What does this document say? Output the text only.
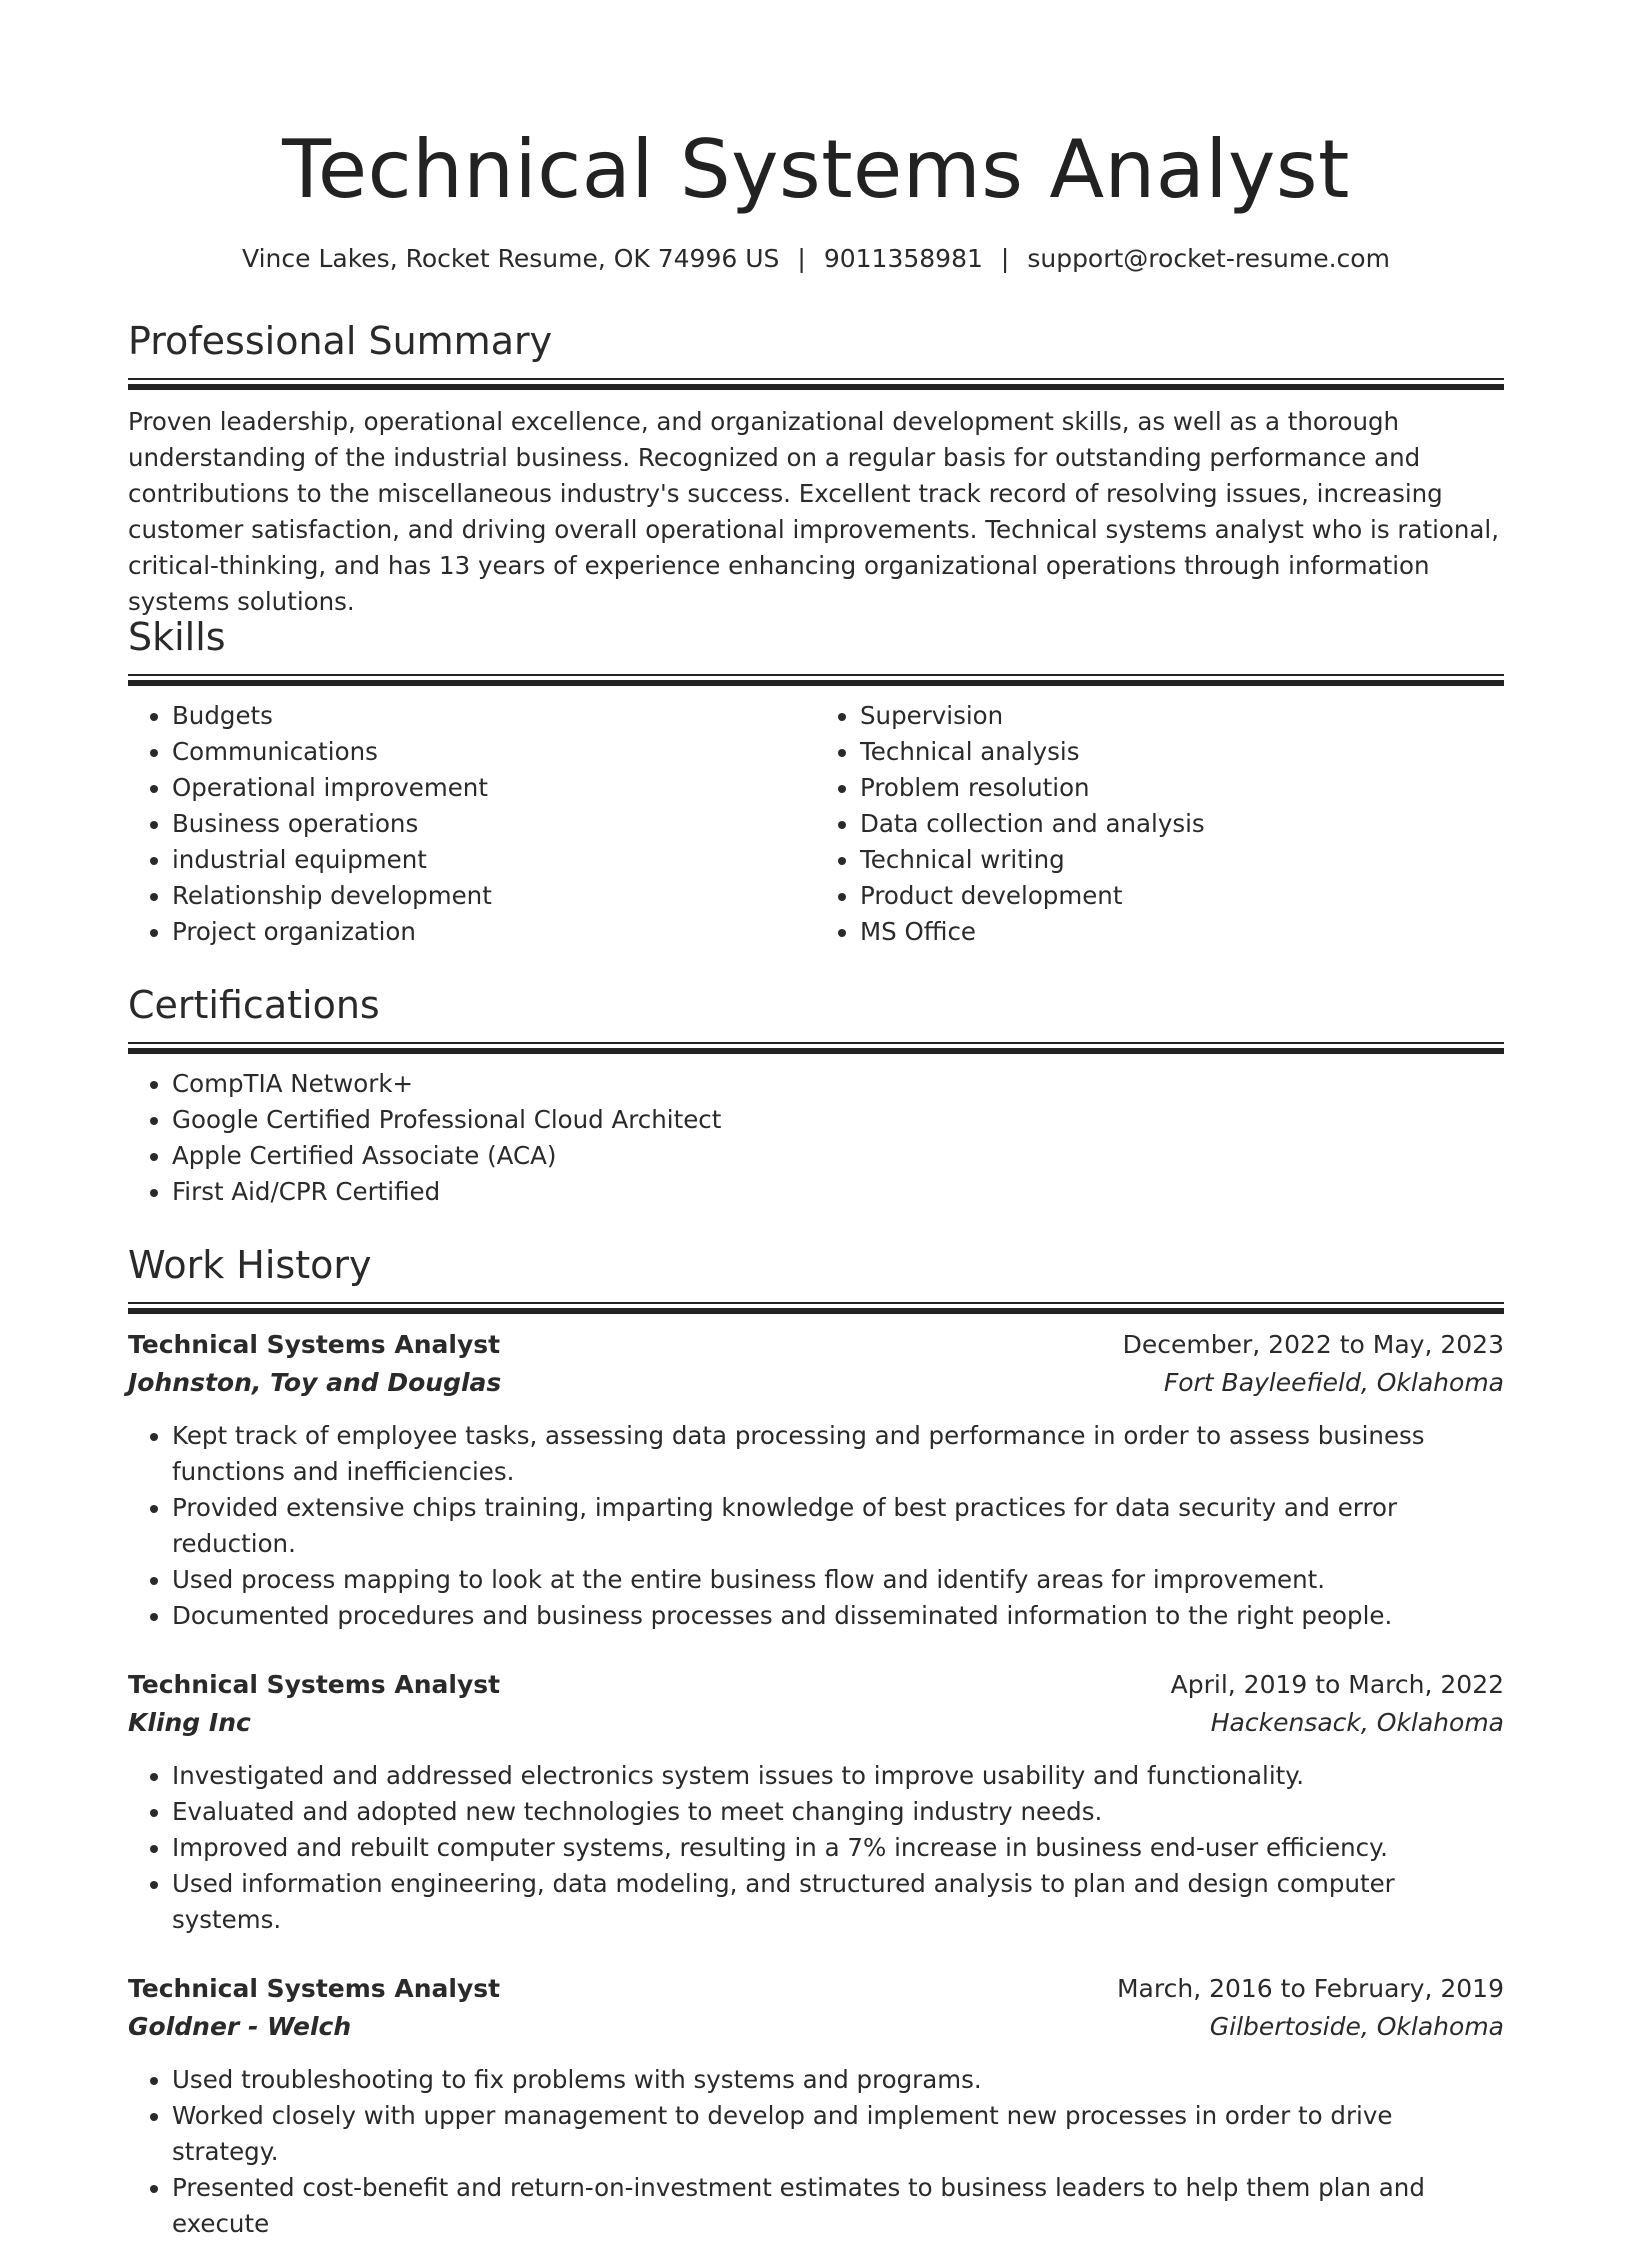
Technical Systems Analyst
Vince Lakes, Rocket Resume, OK 74996 US | 9011358981 | support@rocket-resume.com
Professional Summary

Proven leadership, operational excellence, and organizational development skills, as well as a thorough understanding of the industrial business. Recognized on a regular basis for outstanding performance and contributions to the miscellaneous industry's success. Excellent track record of resolving issues, increasing customer satisfaction, and driving overall operational improvements. Technical systems analyst who is rational, critical-thinking, and has 13 years of experience enhancing organizational operations through information systems solutions.

Skills
• Budgets
• Communications
• Operational improvement
• Business operations
• industrial equipment
• Relationship development
• Project organization
• Supervision
• Technical analysis
• Problem resolution
• Data collection and analysis
• Technical writing
• Product development
• MS Office
Certifications
• CompTIA Network+
• Google Certified Professional Cloud Architect
• Apple Certified Associate (ACA)
• First Aid/CPR Certified
Work History
Technical Systems Analyst	December, 2022 to May, 2023
Johnston, Toy and Douglas	Fort Bayleefield, Oklahoma
• Kept track of employee tasks, assessing data processing and performance in order to assess business functions and inefficiencies.
• Provided extensive chips training, imparting knowledge of best practices for data security and error reduction.
• Used process mapping to look at the entire business flow and identify areas for improvement.
• Documented procedures and business processes and disseminated information to the right people.
Technical Systems Analyst	April, 2019 to March, 2022
Kling Inc	Hackensack, Oklahoma
• Investigated and addressed electronics system issues to improve usability and functionality.
• Evaluated and adopted new technologies to meet changing industry needs.
• Improved and rebuilt computer systems, resulting in a 7% increase in business end-user efficiency.
• Used information engineering, data modeling, and structured analysis to plan and design computer systems.
Technical Systems Analyst	March, 2016 to February, 2019
Goldner - Welch	Gilbertoside, Oklahoma
• Used troubleshooting to fix problems with systems and programs.
• Worked closely with upper management to develop and implement new processes in order to drive strategy.
• Presented cost-benefit and return-on-investment estimates to business leaders to help them plan and execute
